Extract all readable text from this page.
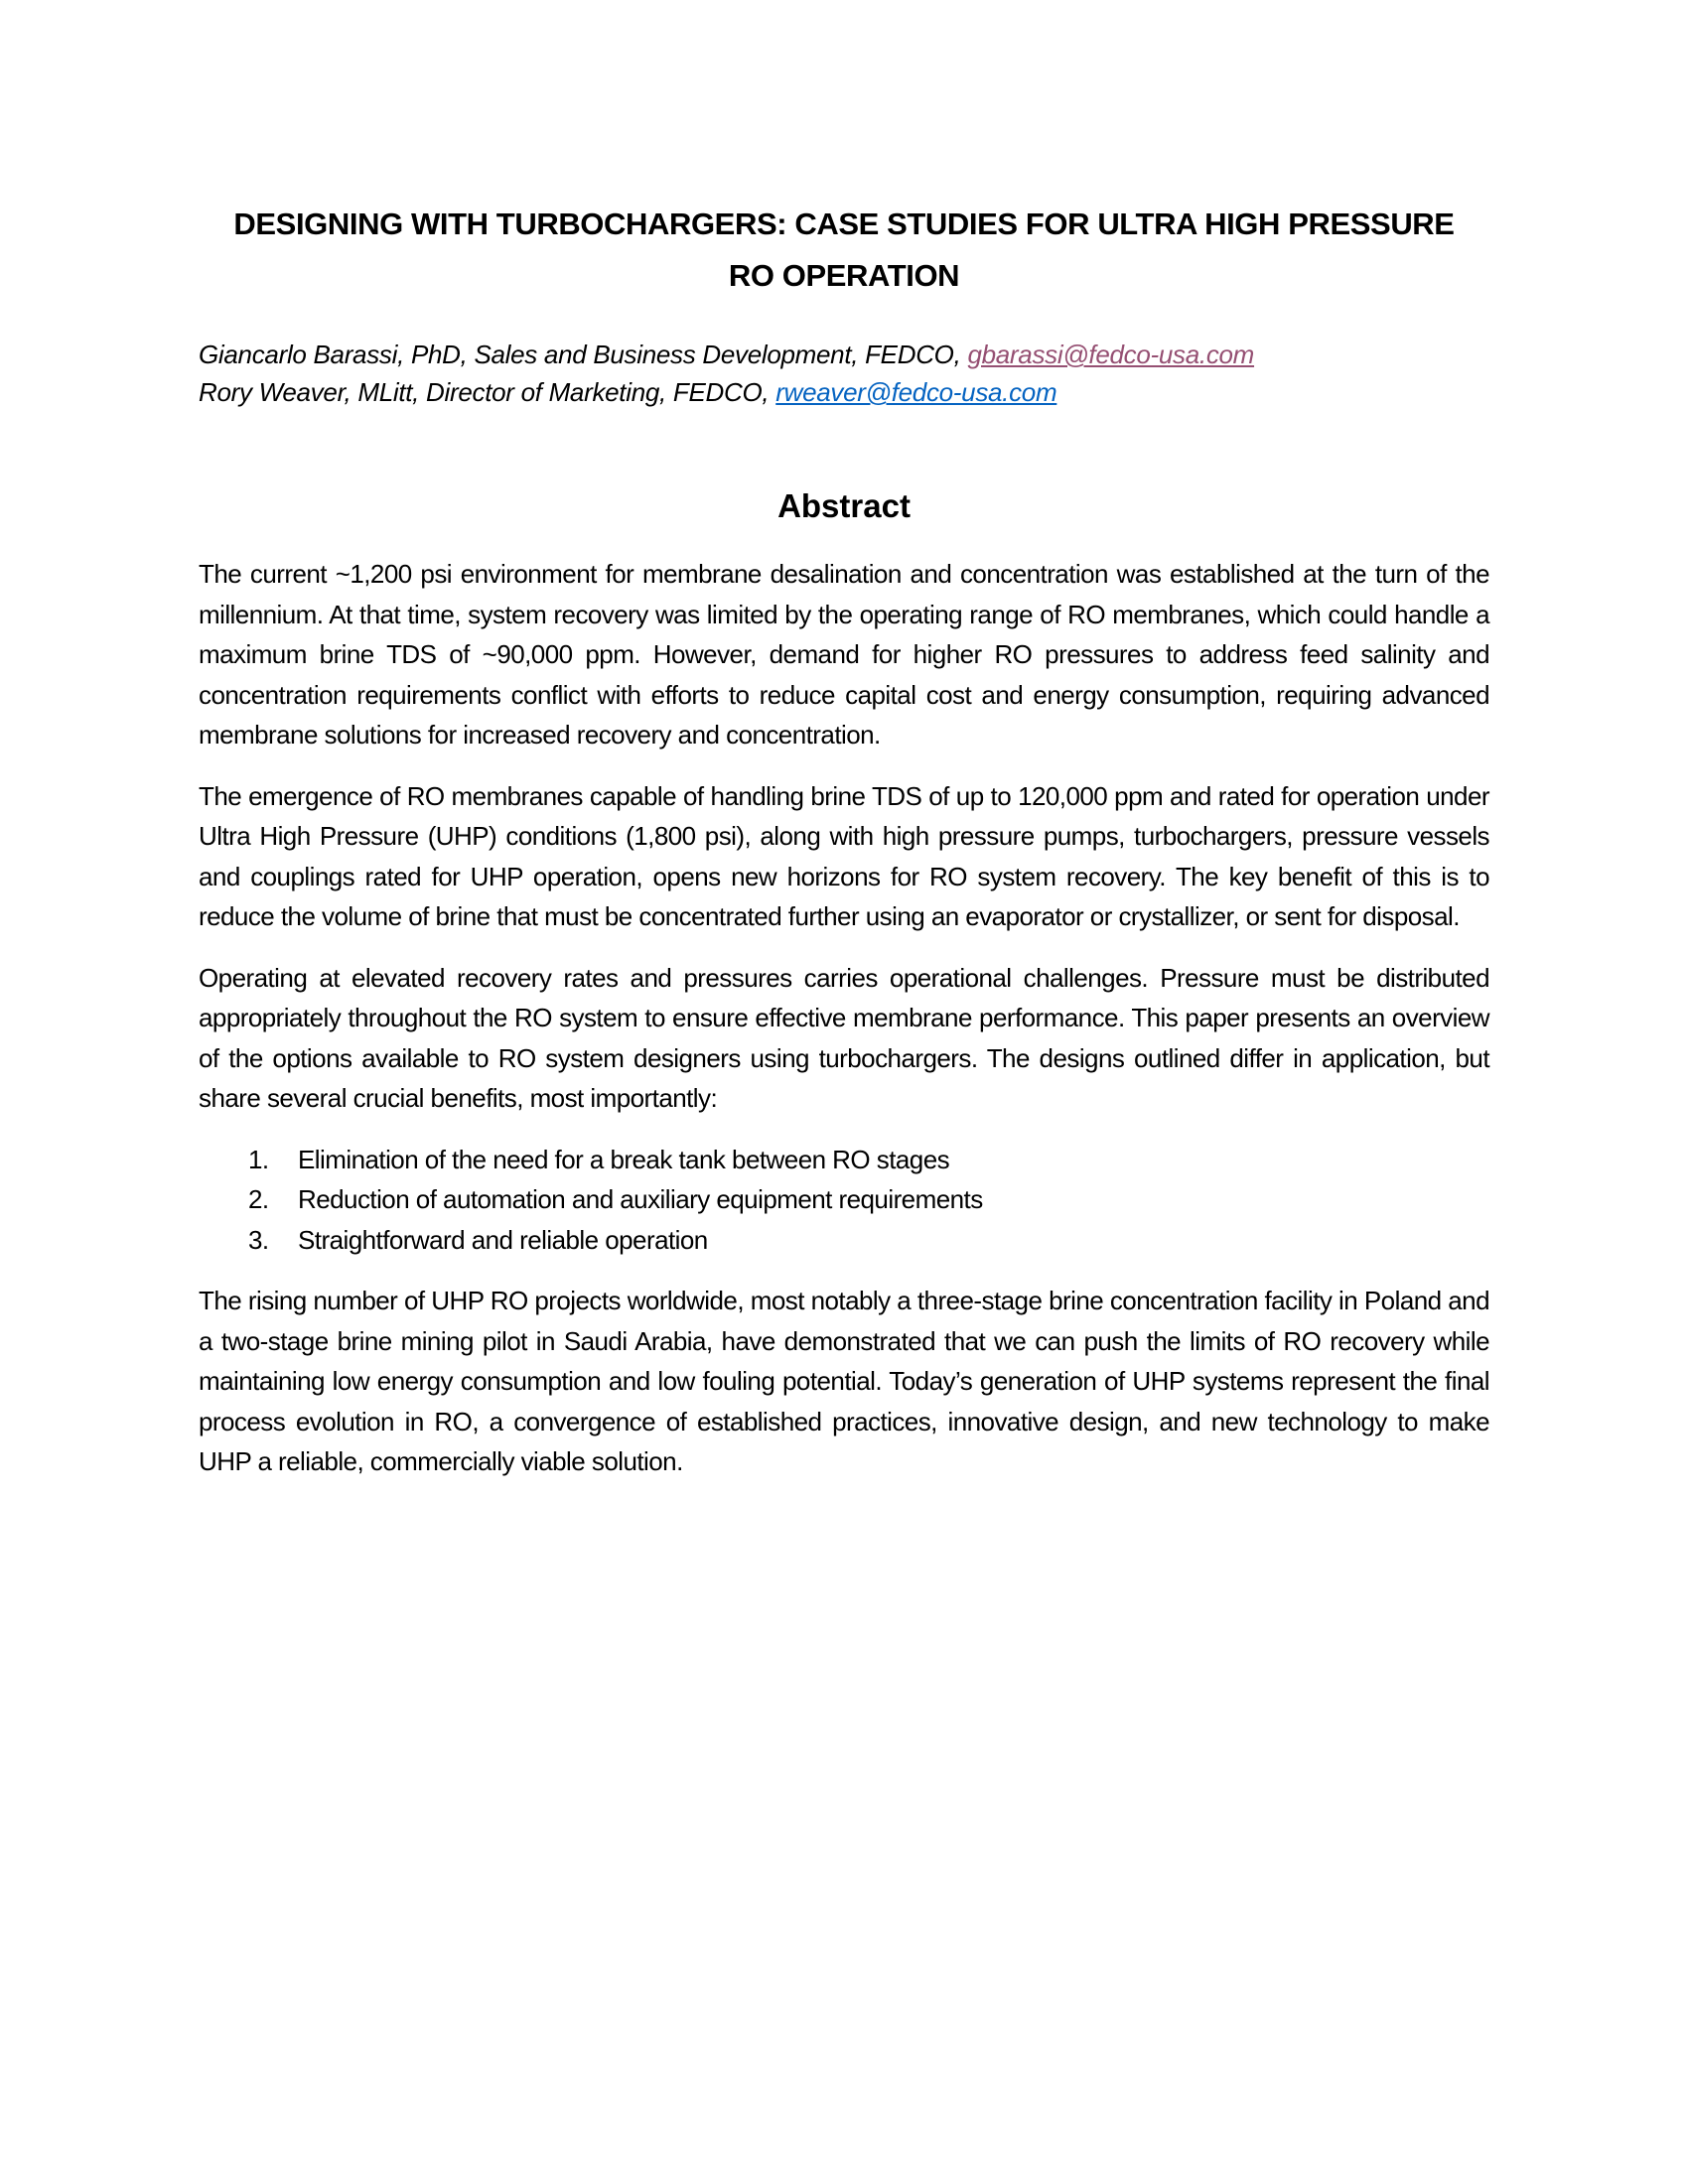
DESIGNING WITH TURBOCHARGERS: CASE STUDIES FOR ULTRA HIGH PRESSURE
RO OPERATION
Giancarlo Barassi, PhD, Sales and Business Development, FEDCO, gbarassi@fedco-usa.com
Rory Weaver, MLitt, Director of Marketing, FEDCO, rweaver@fedco-usa.com
Abstract

The current ~1,200 psi environment for membrane desalination and concentration was established at the turn of the millennium. At that time, system recovery was limited by the operating range of RO membranes, which could handle a maximum brine TDS of ~90,000 ppm. However, demand for higher RO pressures to address feed salinity and concentration requirements conflict with efforts to reduce capital cost and energy consumption, requiring advanced membrane solutions for increased recovery and concentration.

The emergence of RO membranes capable of handling brine TDS of up to 120,000 ppm and rated for operation under Ultra High Pressure (UHP) conditions (1,800 psi), along with high pressure pumps, turbochargers, pressure vessels and couplings rated for UHP operation, opens new horizons for RO system recovery. The key benefit of this is to reduce the volume of brine that must be concentrated further using an evaporator or crystallizer, or sent for disposal.

Operating at elevated recovery rates and pressures carries operational challenges. Pressure must be distributed appropriately throughout the RO system to ensure effective membrane performance. This paper presents an overview of the options available to RO system designers using turbochargers. The designs outlined differ in application, but share several crucial benefits, most importantly:

1.	Elimination of the need for a break tank between RO stages
2.	Reduction of automation and auxiliary equipment requirements
3.	Straightforward and reliable operation

The rising number of UHP RO projects worldwide, most notably a three-stage brine concentration facility in Poland and a two-stage brine mining pilot in Saudi Arabia, have demonstrated that we can push the limits of RO recovery while maintaining low energy consumption and low fouling potential. Today’s generation of UHP systems represent the final process evolution in RO, a convergence of established practices, innovative design, and new technology to make UHP a reliable, commercially viable solution.
